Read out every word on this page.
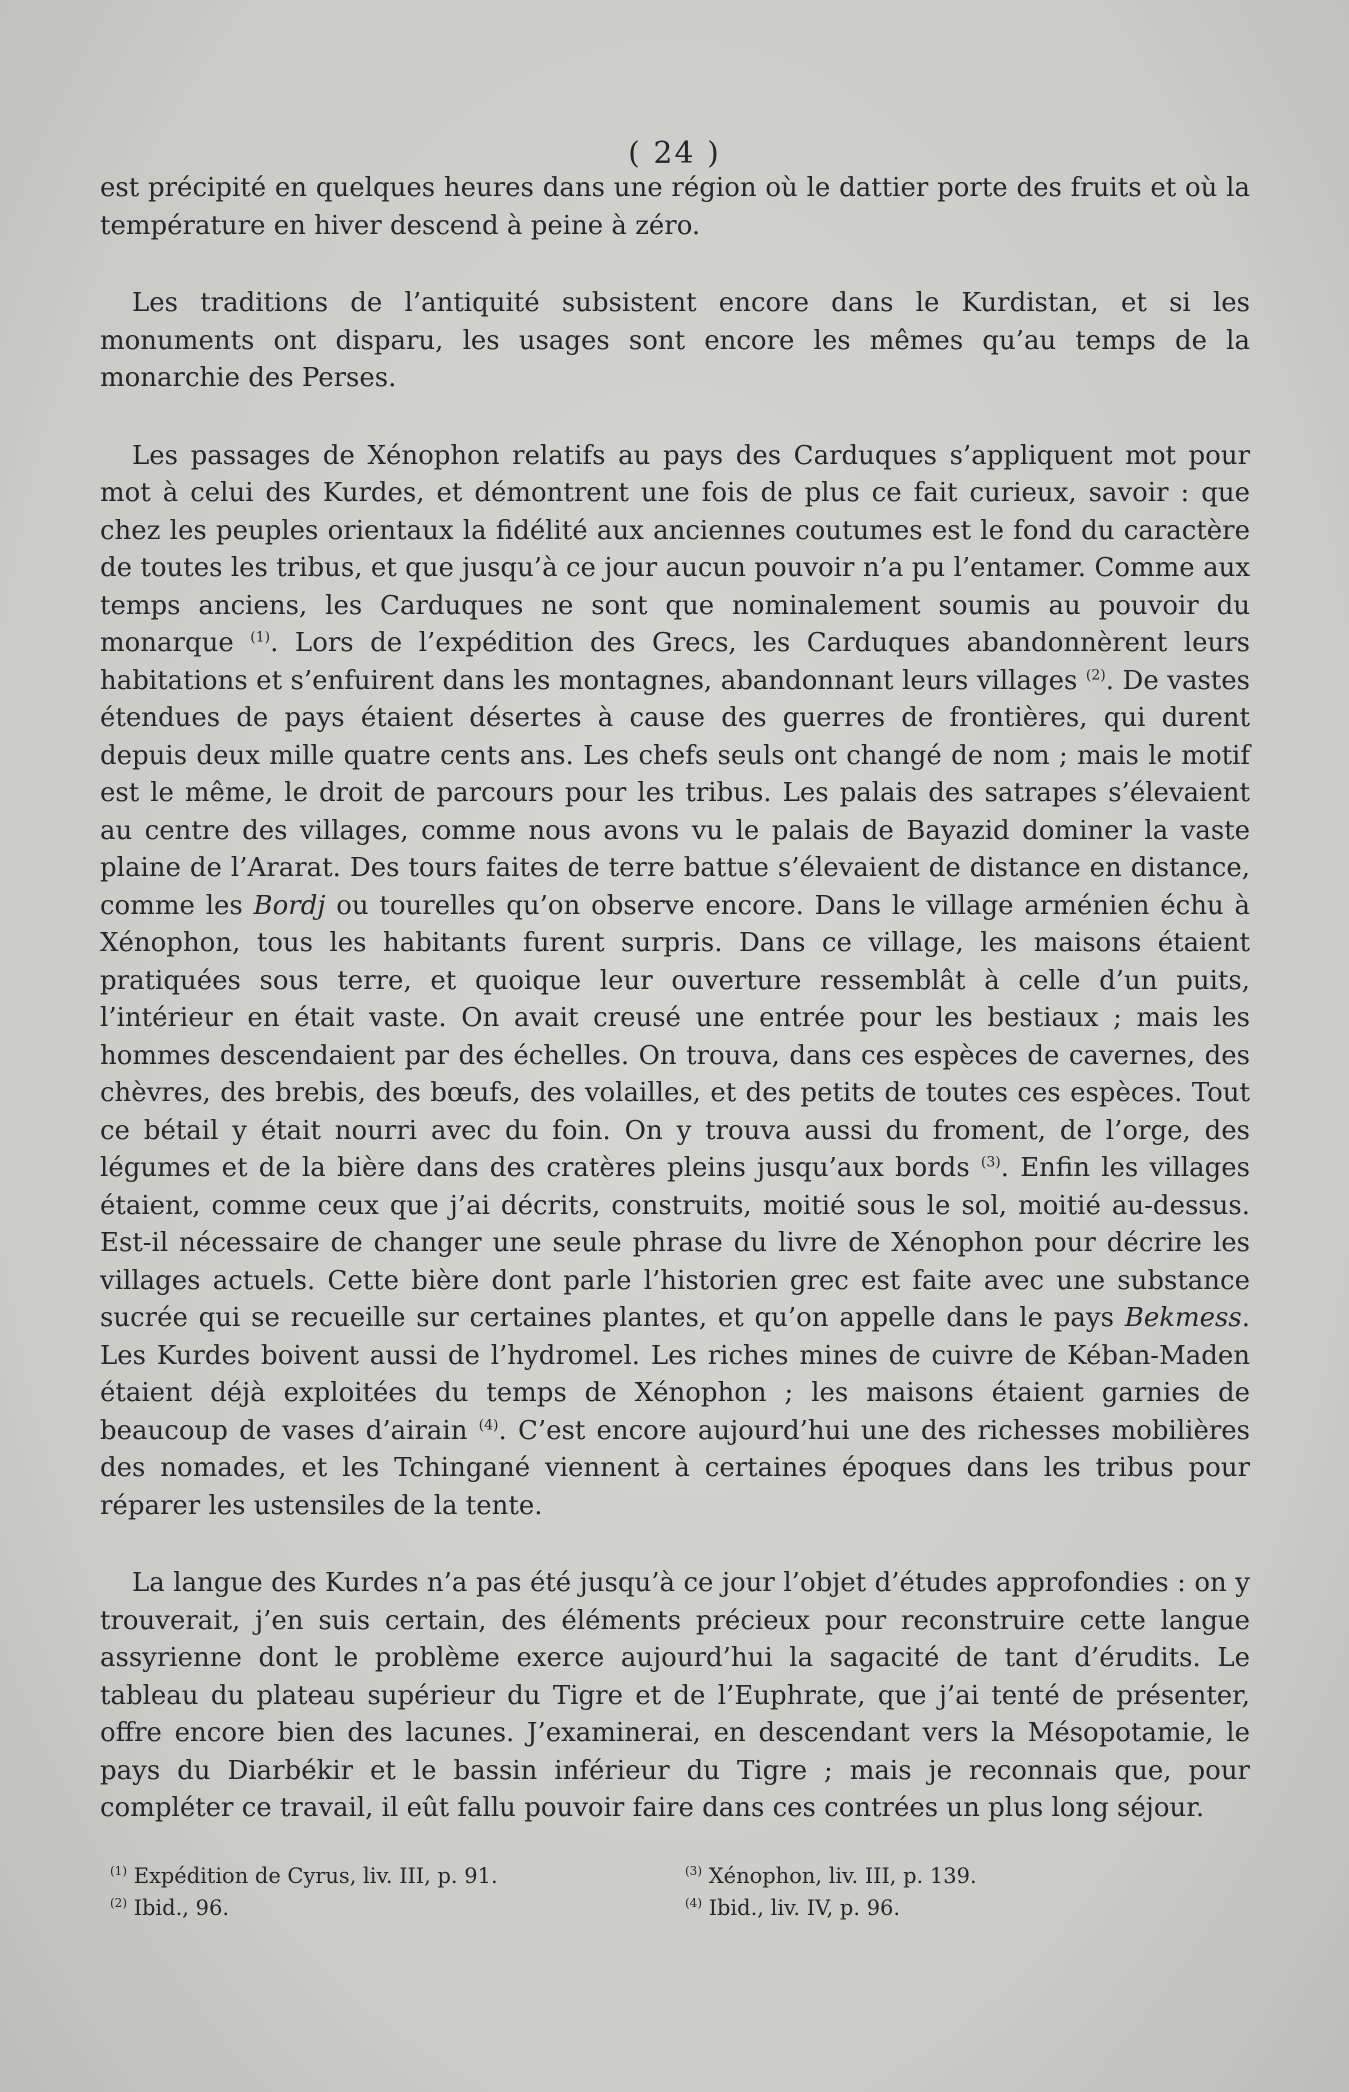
( 24 )

est précipité en quelques heures dans une région où le dattier porte des fruits et où la température en hiver descend à peine à zéro.

Les traditions de l’antiquité subsistent encore dans le Kurdistan, et si les monuments ont disparu, les usages sont encore les mêmes qu’au temps de la monarchie des Perses.

Les passages de Xénophon relatifs au pays des Carduques s’appliquent mot pour mot à celui des Kurdes, et démontrent une fois de plus ce fait curieux, savoir : que chez les peuples orientaux la fidélité aux anciennes coutumes est le fond du caractère de toutes les tribus, et que jusqu’à ce jour aucun pouvoir n’a pu l’entamer. Comme aux temps anciens, les Carduques ne sont que nominalement soumis au pouvoir du monarque $^{(1)}$. Lors de l’expédition des Grecs, les Carduques abandonnèrent leurs habitations et s’enfuirent dans les montagnes, abandonnant leurs villages $^{(2)}$. De vastes étendues de pays étaient désertes à cause des guerres de frontières, qui durent depuis deux mille quatre cents ans. Les chefs seuls ont changé de nom ; mais le motif est le même, le droit de parcours pour les tribus. Les palais des satrapes s’élevaient au centre des villages, comme nous avons vu le palais de Bayazid dominer la vaste plaine de l’Ararat. Des tours faites de terre battue s’élevaient de distance en distance, comme les Bordj ou tourelles qu’on observe encore. Dans le village arménien échu à Xénophon, tous les habitants furent surpris. Dans ce village, les maisons étaient pratiquées sous terre, et quoique leur ouverture ressemblât à celle d’un puits, l’intérieur en était vaste. On avait creusé une entrée pour les bestiaux ; mais les hommes descendaient par des échelles. On trouva, dans ces espèces de cavernes, des chèvres, des brebis, des bœufs, des volailles, et des petits de toutes ces espèces. Tout ce bétail y était nourri avec du foin. On y trouva aussi du froment, de l’orge, des légumes et de la bière dans des cratères pleins jusqu’aux bords $^{(3)}$. Enfin les villages étaient, comme ceux que j’ai décrits, construits, moitié sous le sol, moitié au-dessus. Est-il nécessaire de changer une seule phrase du livre de Xénophon pour décrire les villages actuels. Cette bière dont parle l’historien grec est faite avec une substance sucrée qui se recueille sur certaines plantes, et qu’on appelle dans le pays Bekmess. Les Kurdes boivent aussi de l’hydromel. Les riches mines de cuivre de Kéban-Maden étaient déjà exploitées du temps de Xénophon ; les maisons étaient garnies de beaucoup de vases d’airain $^{(4)}$. C’est encore aujourd’hui une des richesses mobilières des nomades, et les Tchingané viennent à certaines époques dans les tribus pour réparer les ustensiles de la tente.

La langue des Kurdes n’a pas été jusqu’à ce jour l’objet d’études approfondies : on y trouverait, j’en suis certain, des éléments précieux pour reconstruire cette langue assyrienne dont le problème exerce aujourd’hui la sagacité de tant d’érudits. Le tableau du plateau supérieur du Tigre et de l’Euphrate, que j’ai tenté de présenter, offre encore bien des lacunes. J’examinerai, en descendant vers la Mésopotamie, le pays du Diarbékir et le bassin inférieur du Tigre ; mais je reconnais que, pour compléter ce travail, il eût fallu pouvoir faire dans ces contrées un plus long séjour.

$^{(1)}$ Expédition de Cyrus, liv. III, p. 91.
$^{(2)}$ Ibid., 96.
$^{(3)}$ Xénophon, liv. III, p. 139.
$^{(4)}$ Ibid., liv. IV, p. 96.
